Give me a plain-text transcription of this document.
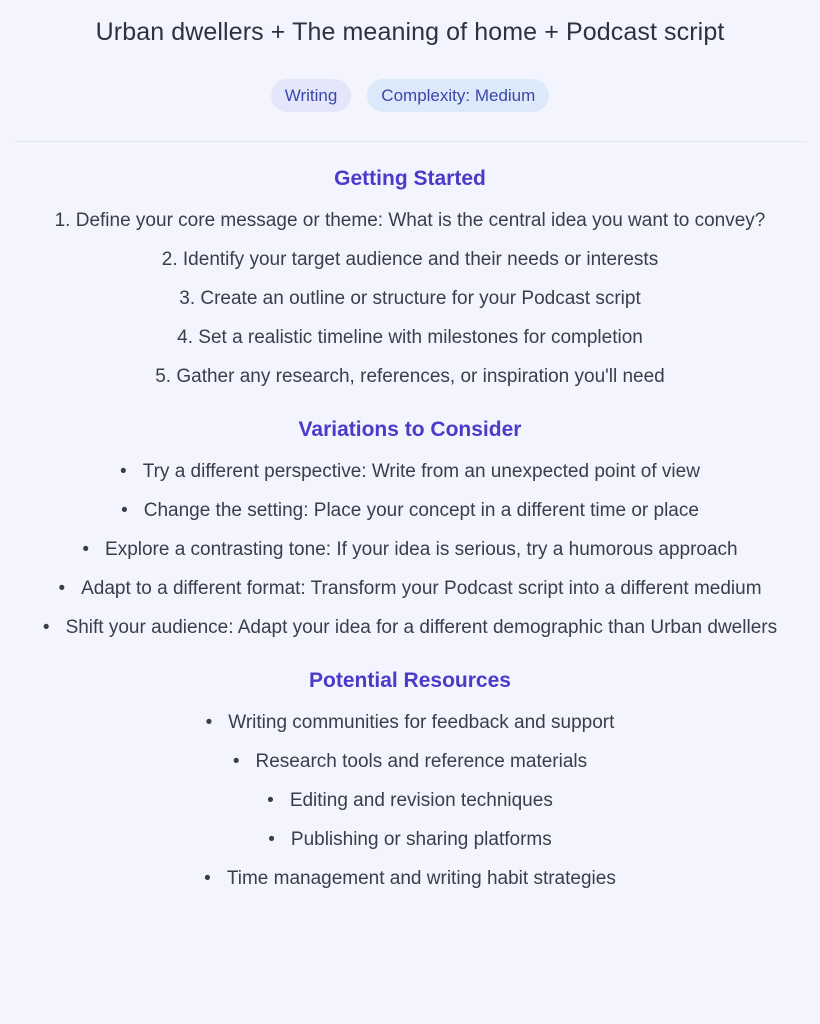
Urban dwellers + The meaning of home + Podcast script
Writing	Complexity: Medium
Getting Started
1. Define your core message or theme: What is the central idea you want to convey?
2. Identify your target audience and their needs or interests
3. Create an outline or structure for your Podcast script
4. Set a realistic timeline with milestones for completion
5. Gather any research, references, or inspiration you'll need
Variations to Consider
• Try a different perspective: Write from an unexpected point of view
• Change the setting: Place your concept in a different time or place
• Explore a contrasting tone: If your idea is serious, try a humorous approach
• Adapt to a different format: Transform your Podcast script into a different medium
• Shift your audience: Adapt your idea for a different demographic than Urban dwellers
Potential Resources
• Writing communities for feedback and support
• Research tools and reference materials
• Editing and revision techniques
• Publishing or sharing platforms
• Time management and writing habit strategies
